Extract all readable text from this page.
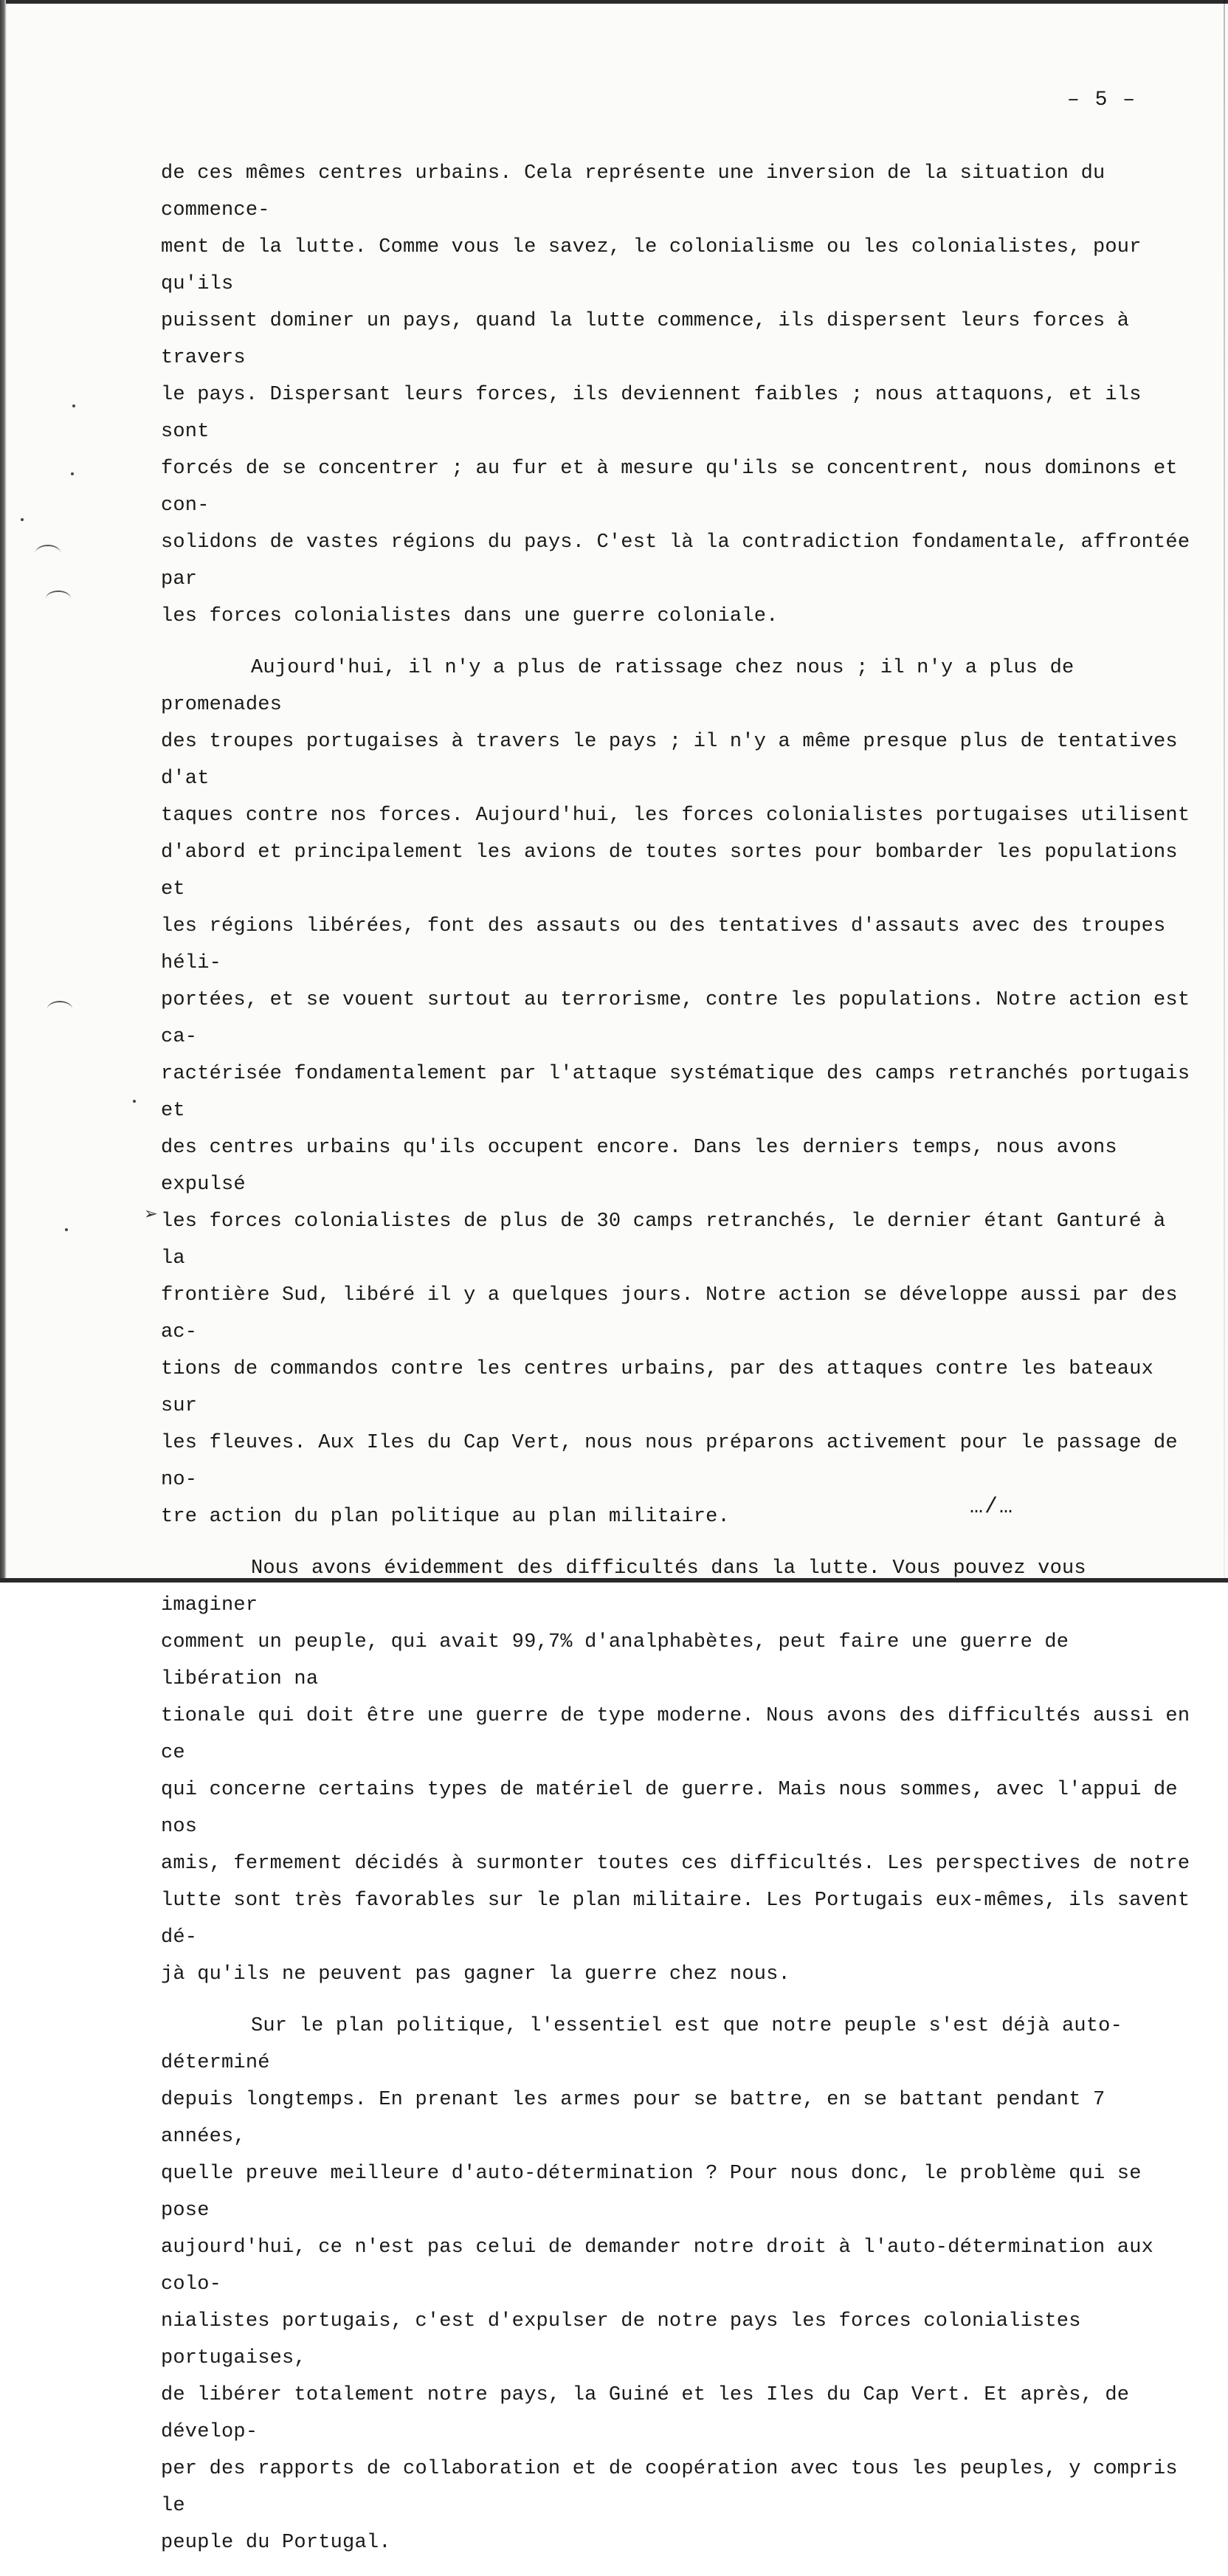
➢
– 5 –

de ces mêmes centres urbains. Cela représente une inversion de la situation du commence-
ment de la lutte. Comme vous le savez, le colonialisme ou les colonialistes, pour qu'ils
puissent dominer un pays, quand la lutte commence, ils dispersent leurs forces à travers
le pays. Dispersant leurs forces, ils deviennent faibles ; nous attaquons, et ils sont
forcés de se concentrer ; au fur et à mesure qu'ils se concentrent, nous dominons et con-
solidons de vastes régions du pays. C'est là la contradiction fondamentale, affrontée par
les forces colonialistes dans une guerre coloniale.

Aujourd'hui, il n'y a plus de ratissage chez nous ; il n'y a plus de promenades
des troupes portugaises à travers le pays ; il n'y a même presque plus de tentatives d'at
taques contre nos forces. Aujourd'hui, les forces colonialistes portugaises utilisent
d'abord et principalement les avions de toutes sortes pour bombarder les populations et
les régions libérées, font des assauts ou des tentatives d'assauts avec des troupes héli-
portées, et se vouent surtout au terrorisme, contre les populations. Notre action est ca-
ractérisée fondamentalement par l'attaque systématique des camps retranchés portugais et
des centres urbains qu'ils occupent encore. Dans les derniers temps, nous avons expulsé
les forces colonialistes de plus de 30 camps retranchés, le dernier étant Ganturé à la
frontière Sud, libéré il y a quelques jours. Notre action se développe aussi par des ac-
tions de commandos contre les centres urbains, par des attaques contre les bateaux sur
les fleuves. Aux Iles du Cap Vert, nous nous préparons activement pour le passage de no-
tre action du plan politique au plan militaire.

Nous avons évidemment des difficultés dans la lutte. Vous pouvez vous imaginer
comment un peuple, qui avait 99,7% d'analphabètes, peut faire une guerre de libération na
tionale qui doit être une guerre de type moderne. Nous avons des difficultés aussi en ce
qui concerne certains types de matériel de guerre. Mais nous sommes, avec l'appui de nos
amis, fermement décidés à surmonter toutes ces difficultés. Les perspectives de notre
lutte sont très favorables sur le plan militaire. Les Portugais eux-mêmes, ils savent dé-
jà qu'ils ne peuvent pas gagner la guerre chez nous.

Sur le plan politique, l'essentiel est que notre peuple s'est déjà auto-déterminé
depuis longtemps. En prenant les armes pour se battre, en se battant pendant 7 années,
quelle preuve meilleure d'auto-détermination ? Pour nous donc, le problème qui se pose
aujourd'hui, ce n'est pas celui de demander notre droit à l'auto-détermination aux colo-
nialistes portugais, c'est d'expulser de notre pays les forces colonialistes portugaises,
de libérer totalement notre pays, la Guiné et les Iles du Cap Vert. Et après, de dévelop-
per des rapports de collaboration et de coopération avec tous les peuples, y compris le
peuple du Portugal.

…/…
